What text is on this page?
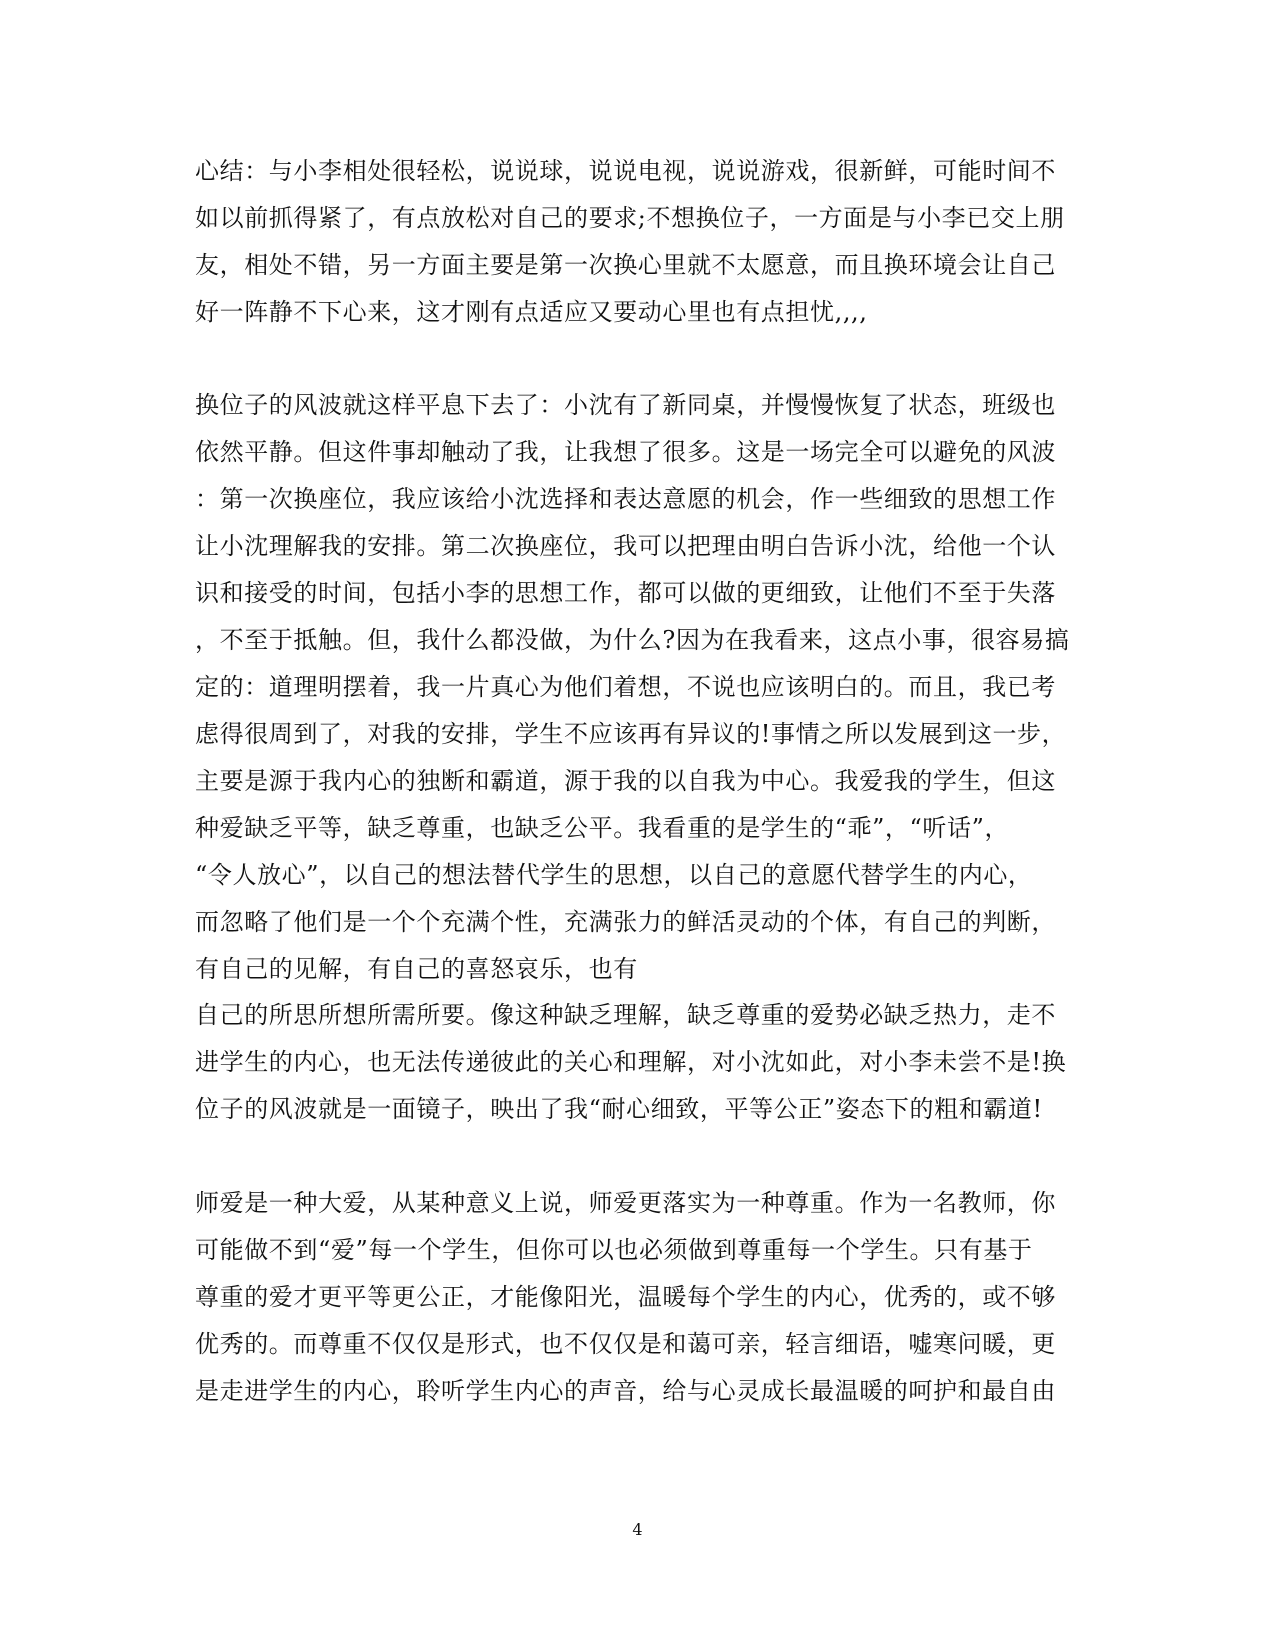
心结：与小李相处很轻松，说说球，说说电视，说说游戏，很新鲜，可能时间不
如以前抓得紧了，有点放松对自己的要求;不想换位子，一方面是与小李已交上朋
友，相处不错，另一方面主要是第一次换心里就不太愿意，而且换环境会让自己
好一阵静不下心来，这才刚有点适应又要动心里也有点担忧,,,,
换位子的风波就这样平息下去了：小沈有了新同桌，并慢慢恢复了状态，班级也
依然平静。但这件事却触动了我，让我想了很多。这是一场完全可以避免的风波
：第一次换座位，我应该给小沈选择和表达意愿的机会，作一些细致的思想工作
让小沈理解我的安排。第二次换座位，我可以把理由明白告诉小沈，给他一个认
识和接受的时间，包括小李的思想工作，都可以做的更细致，让他们不至于失落
，不至于抵触。但，我什么都没做，为什么?因为在我看来，这点小事，很容易搞
定的：道理明摆着，我一片真心为他们着想，不说也应该明白的。而且，我已考
虑得很周到了，对我的安排，学生不应该再有异议的!事情之所以发展到这一步，
主要是源于我内心的独断和霸道，源于我的以自我为中心。我爱我的学生，但这
种爱缺乏平等，缺乏尊重，也缺乏公平。我看重的是学生的“乖”，“听话”，
“令人放心”，以自己的想法替代学生的思想，以自己的意愿代替学生的内心，
而忽略了他们是一个个充满个性，充满张力的鲜活灵动的个体，有自己的判断，
有自己的见解，有自己的喜怒哀乐，也有
自己的所思所想所需所要。像这种缺乏理解，缺乏尊重的爱势必缺乏热力，走不
进学生的内心，也无法传递彼此的关心和理解，对小沈如此，对小李未尝不是!换
位子的风波就是一面镜子，映出了我“耐心细致，平等公正”姿态下的粗和霸道!
师爱是一种大爱，从某种意义上说，师爱更落实为一种尊重。作为一名教师，你
可能做不到“爱”每一个学生，但你可以也必须做到尊重每一个学生。只有基于
尊重的爱才更平等更公正，才能像阳光，温暖每个学生的内心，优秀的，或不够
优秀的。而尊重不仅仅是形式，也不仅仅是和蔼可亲，轻言细语，嘘寒问暖，更
是走进学生的内心，聆听学生内心的声音，给与心灵成长最温暖的呵护和最自由
4
